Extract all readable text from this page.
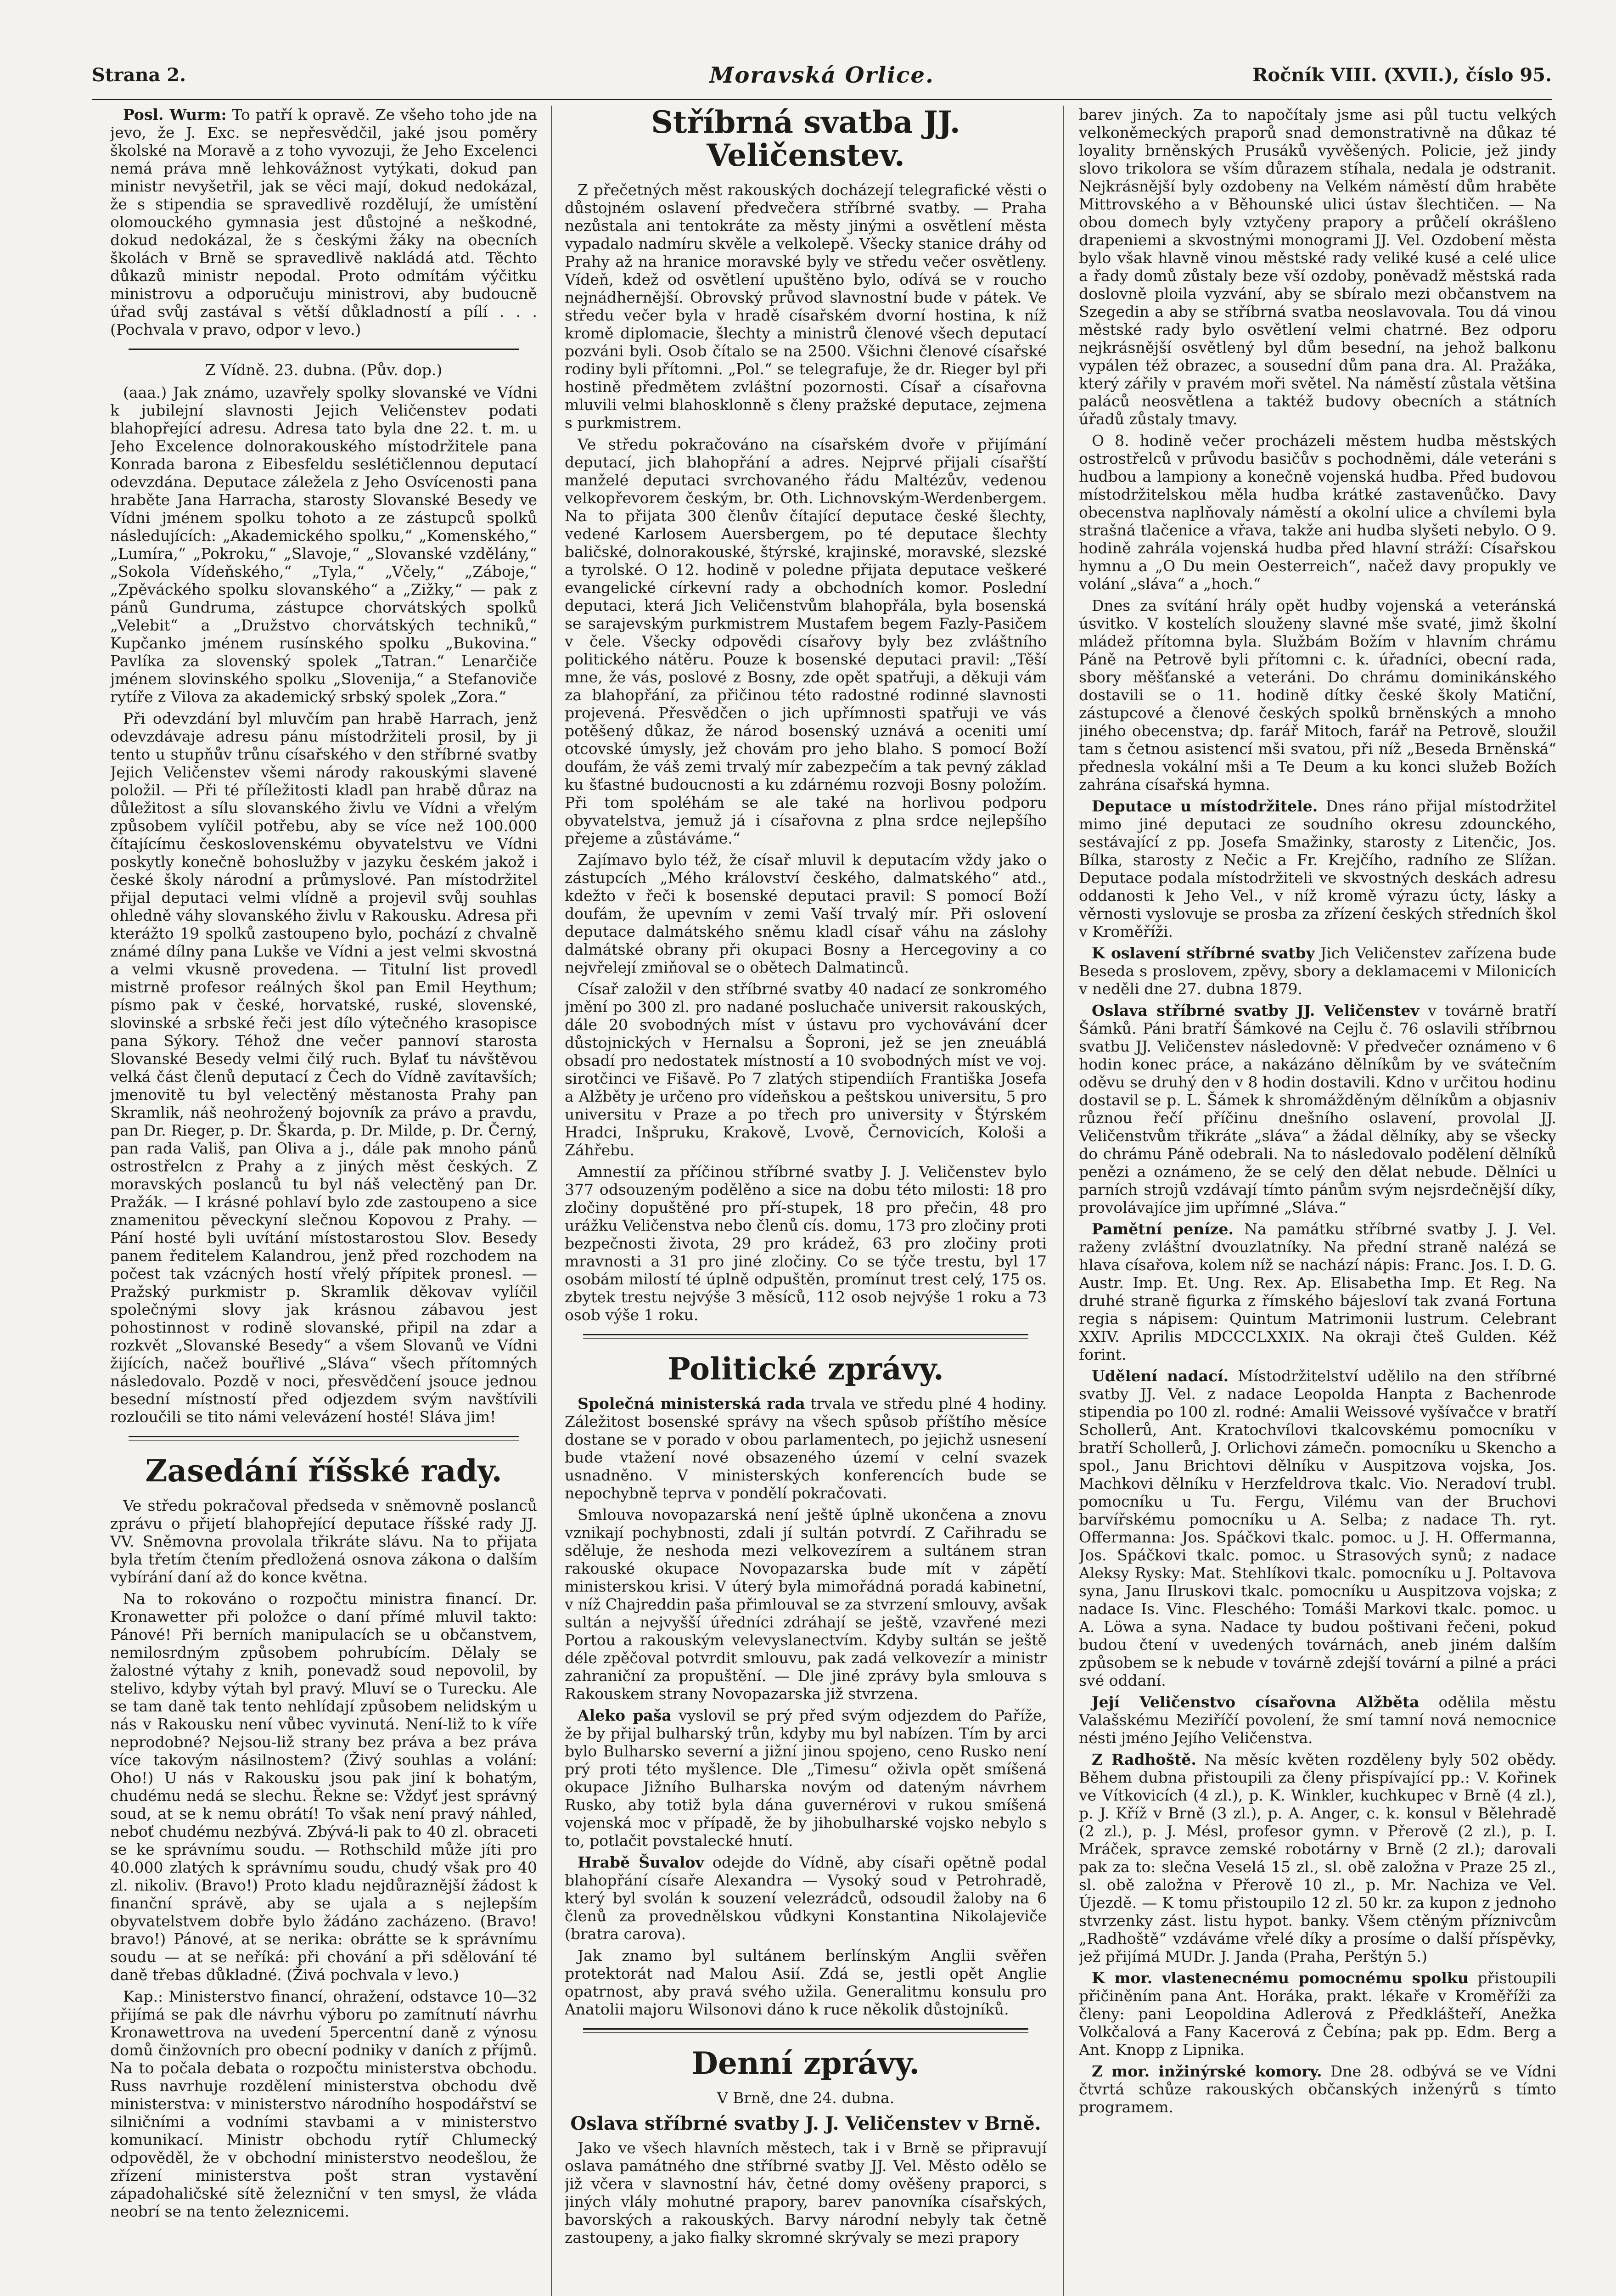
Strana 2.	Moravská Orlice.	Ročník VIII. (XVII.), číslo 95.

Posl. Wurm: To patří k opravě. Ze všeho toho jde na jevo, že J. Exc. se nepřesvědčil, jaké jsou poměry školské na Moravě a z toho vyvozuji, že Jeho Excelenci nemá práva mně lehkovážnost vytýkati, dokud pan ministr nevyšetřil, jak se věci mají, dokud nedokázal, že s stipendia se spravedlivě rozdělují, že umístění olomouckého gymnasia jest důstojné a neškodné, dokud nedokázal, že s českými žáky na obecních školách v Brně se spravedlivě nakládá atd. Těchto důkazů ministr nepodal. Proto odmítám výčitku ministrovu a odporučuju ministrovi, aby budoucně úřad svůj zastával s větší důkladností a pílí . . . (Pochvala v pravo, odpor v levo.)

Z Vídně. 23. dubna. (Pův. dop.)

(aaa.) Jak známo, uzavřely spolky slovanské ve Vídni k jubilejní slavnosti Jejich Veličenstev podati blahopřející adresu. Adresa tato byla dne 22. t. m. u Jeho Excelence dolnorakouského místodržitele pana Konrada barona z Eibesfeldu seslétičlennou deputací odevzdána. Deputace záležela z Jeho Osvícenosti pana hraběte Jana Harracha, starosty Slovanské Besedy ve Vídni jménem spolku tohoto a ze zástupců spolků následujících: „Akademického spolku,“ „Komenského,“ „Lumíra,“ „Pokroku,“ „Slavoje,“ „Slovanské vzdělány,“ „Sokola Vídeňského,“ „Tyla,“ „Včely,“ „Záboje,“ „Zpěváckého spolku slovanského“ a „Zižky,“ — pak z pánů Gundruma, zástupce chorvátských spolků „Velebit“ a „Družstvo chorvátských techniků,“ Kupčanko jménem rusínského spolku „Bukovina.“ Pavlíka za slovenský spolek „Tatran.“ Lenarčiče jménem slovinského spolku „Slovenija,“ a Stefanoviče rytíře z Vilova za akademický srbský spolek „Zora.“

Při odevzdání byl mluvčím pan hrabě Harrach, jenž odevzdávaje adresu pánu místodržiteli prosil, by ji tento u stupňův trůnu císařského v den stříbrné svatby Jejich Veličenstev všemi národy rakouskými slavené položil. — Při té příležitosti kladl pan hrabě důraz na důležitost a sílu slovanského živlu ve Vídni a vřelým způsobem vylíčil potřebu, aby se více než 100.000 čítajícímu československému obyvatelstvu ve Vídni poskytly konečně bohoslužby v jazyku českém jakož i české školy národní a průmyslové. Pan místodržitel přijal deputaci velmi vlídně a projevil svůj souhlas ohledně váhy slovanského živlu v Rakousku. Adresa při kterážto 19 spolků zastoupeno bylo, pochází z chvalně známé dílny pana Lukše ve Vídni a jest velmi skvostná a velmi vkusně provedena. — Titulní list provedl mistrně profesor reálných škol pan Emil Heythum; písmo pak v české, horvatské, ruské, slovenské, slovinské a srbské řeči jest dílo výtečného krasopisce pana Sýkory. Téhož dne večer pannoví starosta Slovanské Besedy velmi čilý ruch. Bylať tu návštěvou velká část členů deputací z Čech do Vídně zavítavších; jmenovitě tu byl velectěný městanosta Prahy pan Skramlik, náš neohrožený bojovník za právo a pravdu, pan Dr. Rieger, p. Dr. Škarda, p. Dr. Milde, p. Dr. Černý, pan rada Vališ, pan Oliva a j., dále pak mnoho pánů ostrostřelcn z Prahy a z jiných měst českých. Z moravských poslanců tu byl náš velectěný pan Dr. Pražák. — I krásné pohlaví bylo zde zastoupeno a sice znamenitou pěveckyní slečnou Kopovou z Prahy. — Pání hosté byli uvítání místostarostou Slov. Besedy panem ředitelem Kalandrou, jenž před rozchodem na počest tak vzácných hostí vřelý přípitek pronesl. — Pražský purkmistr p. Skramlik děkovav vylíčil společnými slovy jak krásnou zábavou jest pohostinnost v rodině slovanské, připil na zdar a rozkvět „Slovanské Besedy“ a všem Slovanů ve Vídni žijících, načež bouřlivé „Sláva“ všech přítomných následovalo. Pozdě v noci, přesvědčení jsouce jednou besední místností před odjezdem svým navštívili rozloučili se tito námi velevázení hosté! Sláva jim!

Zasedání říšské rady.

Ve středu pokračoval předseda v sněmovně poslanců zprávu o přijetí blahopřející deputace říšské rady JJ. VV. Sněmovna provolala třikráte slávu. Na to přijata byla třetím čtením předložená osnova zákona o dalším vybírání daní až do konce května.

Na to rokováno o rozpočtu ministra financí. Dr. Kronawetter při položce o daní přímé mluvil takto: Pánové! Při berních manipulacích se u občanstvem, nemilosrdným způsobem pohrubícím. Dělaly se žalostné výtahy z knih, ponevadž soud nepovolil, by stelivo, kdyby výtah byl pravý. Mluví se o Turecku. Ale se tam daně tak tento nehlídají způsobem nelidským u nás v Rakousku není vůbec vyvinutá. Není-liž to k víře neprodobné? Nejsou-liž strany bez práva a bez práva více takovým násilnostem? (Živý souhlas a volání: Oho!) U nás v Rakousku jsou pak jiní k bohatým, chudému nedá se slechu. Řekne se: Vždyť jest správný soud, at se k nemu obrátí! To však není pravý náhled, neboť chudému nezbývá. Zbývá-li pak to 40 zl. obraceti se ke správnímu soudu. — Rothschild může jíti pro 40.000 zlatých k správnímu soudu, chudý však pro 40 zl. nikoliv. (Bravo!) Proto kladu nejdůraznější žádost k finanční správě, aby se ujala a s nejlepším obyvatelstvem dobře bylo žádáno zacházeno. (Bravo! bravo!) Pánové, at se nerika: obrátte se k správnímu soudu — at se neříká: při chování a při sdělování té daně třebas důkladné. (Živá pochvala v levo.)

Kap.: Ministerstvo financí, ohražení, odstavce 10—32 přijímá se pak dle návrhu výboru po zamítnutí návrhu Kronawettrova na uvedení 5percentní daně z výnosu domů činžovních pro obecní podniky v daních z příjmů. Na to počala debata o rozpočtu ministerstva obchodu. Russ navrhuje rozdělení ministerstva obchodu dvě ministerstva: v ministerstvo národního hospodářství se silničními a vodními stavbami a v ministerstvo komunikací. Ministr obchodu rytíř Chlumecký odpověděl, že v obchodní ministerstvo neodešlou, že zřízení ministerstva pošt stran vystavění západohaličské sítě železniční v ten smysl, že vláda neobrí se na tento železnicemi.

Stříbrná svatba JJ. Veličenstev.

Z přečetných měst rakouských docházejí telegrafické věsti o důstojném oslavení předvečera stříbrné svatby. — Praha nezůstala ani tentokráte za městy jinými a osvětlení města vypadalo nadmíru skvěle a velkolepě. Všecky stanice dráhy od Prahy až na hranice moravské byly ve středu večer osvětleny. Vídeň, kdež od osvětlení upuštěno bylo, odívá se v roucho nejnádhernější. Obrovský průvod slavnostní bude v pátek. Ve středu večer byla v hradě císařském dvorní hostina, k níž kromě diplomacie, šlechty a ministrů členové všech deputací pozváni byli. Osob čítalo se na 2500. Všichni členové císařské rodiny byli přítomni. „Pol.“ se telegrafuje, že dr. Rieger byl při hostině předmětem zvláštní pozornosti. Císař a císařovna mluvili velmi blahosklonně s členy pražské deputace, zejmena s purkmistrem.

Ve středu pokračováno na císařském dvoře v přijímání deputací, jich blahopřání a adres. Nejprvé přijali císařští manželé deputaci svrchovaného řádu Maltézův, vedenou velkopřevorem českým, br. Oth. Lichnovským-Werdenbergem. Na to přijata 300 členův čítající deputace české šlechty, vedené Karlosem Auersbergem, po té deputace šlechty baličské, dolnorakouské, štýrské, krajinské, moravské, slezské a tyrolské. O 12. hodině v poledne přijata deputace veškeré evangelické církevní rady a obchodních komor. Poslední deputaci, která Jich Veličenstvům blahopřála, byla bosenská se sarajevským purkmistrem Mustafem begem Fazly-Pasičem v čele. Všecky odpovědi císařovy byly bez zvláštního politického nátěru. Pouze k bosenské deputaci pravil: „Těší mne, že vás, poslové z Bosny, zde opět spatřuji, a děkuji vám za blahopřání, za přičinou této radostné rodinné slavnosti projevená. Přesvědčen o jich upřímnosti spatřuji ve vás potěšený důkaz, že národ bosenský uznává a oceniti umí otcovské úmysly, jež chovám pro jeho blaho. S pomocí Boží doufám, že váš zemi trvalý mír zabezpečím a tak pevný základ ku šťastné budoucnosti a ku zdárnému rozvoji Bosny položím. Při tom spoléhám se ale také na horlivou podporu obyvatelstva, jemuž já i císařovna z plna srdce nejlepšího přejeme a zůstáváme.“

Zajímavo bylo též, že císař mluvil k deputacím vždy jako o zástupcích „Mého království českého, dalmatského“ atd., kdežto v řeči k bosenské deputaci pravil: S pomocí Boží doufám, že upevním v zemi Vaší trvalý mír. Při oslovení deputace dalmátského sněmu kladl císař váhu na záslohy dalmátské obrany při okupaci Bosny a Hercegoviny a co nejvřelejí zmiňoval se o obětech Dalmatinců.

Císař založil v den stříbrné svatby 40 nadací ze sonkromého jmění po 300 zl. pro nadané posluchače universit rakouských, dále 20 svobodných míst v ústavu pro vychovávání dcer důstojnických v Hernalsu a Šoproni, jež se jen zneuáblá obsadí pro nedostatek místností a 10 svobodných míst ve voj. sirotčinci ve Fišavě. Po 7 zlatých stipendiích Františka Josefa a Alžběty je určeno pro vídeňskou a peštskou universitu, 5 pro universitu v Praze a po třech pro university v Štýrském Hradci, Inšpruku, Krakově, Lvově, Černovicích, Kološi a Záhřebu.

Amnestií za příčinou stříbrné svatby J. J. Veličenstev bylo 377 odsouzeným podělěno a sice na dobu této milosti: 18 pro zločiny dopuštěné pro pří-stupek, 18 pro přečin, 48 pro urážku Veličenstva nebo členů cís. domu, 173 pro zločiny proti bezpečnosti života, 29 pro krádež, 63 pro zločiny proti mravnosti a 31 pro jiné zločiny. Co se týče trestu, byl 17 osobám milostí té úplně odpuštěn, promínut trest celý, 175 os. zbytek trestu nejvýše 3 měsíců, 112 osob nejvýše 1 roku a 73 osob výše 1 roku.

Politické zprávy.

Společná ministerská rada trvala ve středu plné 4 hodiny. Záležitost bosenské správy na všech spůsob příštího měsíce dostane se v porado v obou parlamentech, po jejichž usnesení bude vtažení nové obsazeného území v celní svazek usnadněno. V ministerských konferencích bude se nepochybně teprva v pondělí pokračovati.

Smlouva novopazarská není ještě úplně ukončena a znovu vznikají pochybnosti, zdali jí sultán potvrdí. Z Cařihradu se sděluje, že neshoda mezi velkovezírem a sultánem stran rakouské okupace Novopazarska bude mít v zápětí ministerskou krisi. V úterý byla mimořádná poradá kabinetní, v níž Chajreddin paša přimlouval se za stvrzení smlouvy, avšak sultán a nejvyšší úředníci zdráhají se ještě, vzavřené mezi Portou a rakouským velevyslanectvím. Kdyby sultán se ještě déle zpěčoval potvrdit smlouvu, pak zadá velkovezír a ministr zahraniční za propuštění. — Dle jiné zprávy byla smlouva s Rakouskem strany Novopazarska již stvrzena.

Aleko paša vyslovil se prý před svým odjezdem do Paříže, že by přijal bulharský trůn, kdyby mu byl nabízen. Tím by arci bylo Bulharsko severní a jižní jinou spojeno, ceno Rusko není prý proti této myšlence. Dle „Timesu“ oživla opět smíšená okupace Jižního Bulharska novým od dateným návrhem Rusko, aby totiž byla dána guvernérovi v rukou smíšená vojenská moc v případě, že by jihobulharské vojsko nebylo s to, potlačit povstalecké hnutí.

Hrabě Šuvalov odejde do Vídně, aby císaři opětně podal blahopřání císaře Alexandra — Vysoký soud v Petrohradě, který byl svolán k souzení velezrádců, odsoudil žaloby na 6 členů za provednělskou vůdkyni Konstantina Nikolajeviče (bratra carova).

Jak znamo byl sultánem berlínským Anglii svěřen protektorát nad Malou Asií. Zdá se, jestli opět Anglie opatrnost, aby pravá svého užila. Generalitmu konsulu pro Anatolii majoru Wilsonovi dáno k ruce několik důstojníků.

Denní zprávy.
V Brně, dne 24. dubna.
Oslava stříbrné svatby J. J. Veličenstev v Brně.

Jako ve všech hlavních městech, tak i v Brně se připravují oslava památného dne stříbrné svatby JJ. Vel. Město odělo se již včera v slavnostní háv, četné domy ověšeny praporci, s jiných vlály mohutné prapory, barev panovníka císařských, bavorských a rakouských. Barvy národní nebyly tak četně zastoupeny, a jako fialky skromné skrývaly se mezi prapory

barev jiných. Za to napočítaly jsme asi půl tuctu velkých velkoněmeckých praporů snad demonstrativně na důkaz té loyality brněnských Prusáků vyvěšených. Policie, jež jindy slovo trikolora se vším důrazem stíhala, nedala je odstranit. Nejkrásnější byly ozdobeny na Velkém náměstí dům hraběte Mittrovského a v Běhounské ulici ústav šlechtičen. — Na obou domech byly vztyčeny prapory a průčelí okrášleno drapeniemi a skvostnými monogrami JJ. Vel. Ozdobení města bylo však hlavně vinou městské rady veliké kusé a celé ulice a řady domů zůstaly beze vší ozdoby, poněvadž městská rada doslovně ploila vyzvání, aby se sbíralo mezi občanstvem na Szegedin a aby se stříbrná svatba neoslavovala. Tou dá vinou městské rady bylo osvětlení velmi chatrné. Bez odporu nejkrásnější osvětlený byl dům besední, na jehož balkonu vypálen též obrazec, a sousední dům pana dra. Al. Pražáka, který zářily v pravém moři světel. Na náměstí zůstala většina paláců neosvětlena a taktéž budovy obecních a státních úřadů zůstaly tmavy.

O 8. hodině večer procházeli městem hudba městských ostrostřelců v průvodu basičův s pochodněmi, dále veteráni s hudbou a lampiony a konečně vojenská hudba. Před budovou místodržitelskou měla hudba krátké zastavenůčko. Davy obecenstva naplňovaly náměstí a okolní ulice a chvílemi byla strašná tlačenice a vřava, takže ani hudba slyšeti nebylo. O 9. hodině zahrála vojenská hudba před hlavní stráží: Císařskou hymnu a „O Du mein Oesterreich“, načež davy propukly ve volání „sláva“ a „hoch.“

Dnes za svítání hrály opět hudby vojenská a veteránská úsvitko. V kostelích slouženy slavné mše svaté, jimž školní mládež přítomna byla. Službám Božím v hlavním chrámu Páně na Petrově byli přítomni c. k. úřadníci, obecní rada, sbory měšťanské a veteráni. Do chrámu dominikánského dostavili se o 11. hodině dítky české školy Matiční, zástupcové a členové českých spolků brněnských a mnoho jiného obecenstva; dp. farář Mitoch, farář na Petrově, sloužil tam s četnou asistencí mši svatou, při níž „Beseda Brněnská“ přednesla vokální mši a Te Deum a ku konci služeb Božích zahrána císařská hymna.

Deputace u místodržitele. Dnes ráno přijal místodržitel mimo jiné deputaci ze soudního okresu zdounckého, sestávající z pp. Josefa Smažinky, starosty z Litenčic, Jos. Bílka, starosty z Nečic a Fr. Krejčího, radního ze Slížan. Deputace podala místodržiteli ve skvostných deskách adresu oddanosti k Jeho Vel., v níž kromě výrazu úcty, lásky a věrnosti vyslovuje se prosba za zřízení českých středních škol v Kroměříži.

K oslavení stříbrné svatby Jich Veličenstev zařízena bude Beseda s proslovem, zpěvy, sbory a deklamacemi v Milonicích v neděli dne 27. dubna 1879.

Oslava stříbrné svatby JJ. Veličenstev v továrně bratří Šámků. Páni bratří Šámkové na Cejlu č. 76 oslavili stříbrnou svatbu JJ. Veličenstev následovně: V předvečer oznámeno v 6 hodin konec práce, a nakázáno dělníkům by ve svátečním oděvu se druhý den v 8 hodin dostavili. Kdno v určitou hodinu dostavil se p. L. Šámek k shromážděným dělníkům a objasniv různou řečí příčinu dnešního oslavení, provolal JJ. Veličenstvům třikráte „sláva“ a žádal dělníky, aby se všecky do chrámu Páně odebrali. Na to následovalo podělení dělníků penězi a oznámeno, že se celý den dělat nebude. Dělníci u parních strojů vzdávají tímto pánům svým nejsrdečnější díky, provolávajíce jim upřímné „Sláva.“

Pamětní peníze. Na památku stříbrné svatby J. J. Vel. raženy zvláštní dvouzlatníky. Na přední straně nalézá se hlava císařova, kolem níž se nachází nápis: Franc. Jos. I. D. G. Austr. Imp. Et. Ung. Rex. Ap. Elisabetha Imp. Et Reg. Na druhé straně figurka z římského bájesloví tak zvaná Fortuna regia s nápisem: Quintum Matrimonii lustrum. Celebrant XXIV. Aprilis MDCCCLXXIX. Na okraji čteš Gulden. Kéž forint.

Udělení nadací. Místodržitelství udělilo na den stříbrné svatby JJ. Vel. z nadace Leopolda Hanpta z Bachenrode stipendia po 100 zl. rodné: Amalii Weissové vyšívačce v bratří Schollerů, Ant. Kratochvílovi tkalcovskému pomocníku v bratří Schollerů, J. Orlichovi zámečn. pomocníku u Skencho a spol., Janu Brichtovi dělníku v Auspitzova vojska, Jos. Machkovi dělníku v Herzfeldrova tkalc. Vio. Neradoví trubl. pomocníku u Tu. Fergu, Vilému van der Bruchovi barvířskému pomocníku u A. Selba; z nadace Th. ryt. Offermanna: Jos. Spáčkovi tkalc. pomoc. u J. H. Offermanna, Jos. Spáčkovi tkalc. pomoc. u Strasových synů; z nadace Aleksy Rysky: Mat. Stehlíkovi tkalc. pomocníku u J. Poltavova syna, Janu Ilruskovi tkalc. pomocníku u Auspitzova vojska; z nadace Is. Vinc. Fleschého: Tomáši Markovi tkalc. pomoc. u A. Löwa a syna. Nadace ty budou poštivani řečeni, pokud budou čtení v uvedených továrnách, aneb jiném dalším způsobem se k nebude v továrně zdejší tovární a pilné a práci své oddaní.

Její Veličenstvo císařovna Alžběta odělila městu Valašskému Meziříčí povolení, že smí tamní nová nemocnice nésti jméno Jejího Veličenstva.

Z Radhoště. Na měsíc květen rozděleny byly 502 obědy. Během dubna přistoupili za členy přispívající pp.: V. Kořinek ve Vítkovicích (4 zl.), p. K. Winkler, kuchkupec v Brně (4 zl.), p. J. Kříž v Brně (3 zl.), p. A. Anger, c. k. konsul v Bělehradě (2 zl.), p. J. Mésl, profesor gymn. v Přerově (2 zl.), p. I. Mráček, spravce zemské robotárny v Brně (2 zl.); darovali pak za to: slečna Veselá 15 zl., sl. obě založna v Praze 25 zl., sl. obě založna v Přerově 10 zl., p. Mr. Nachiza ve Vel. Újezdě. — K tomu přistoupilo 12 zl. 50 kr. za kupon z jednoho stvrzenky zást. listu hypot. banky. Všem ctěným příznivcům „Radhoště“ vzdáváme vřelé díky a prosíme o další příspěvky, jež přijímá MUDr. J. Janda (Praha, Perštýn 5.)

K mor. vlastenecnému pomocnému spolku přistoupili přičiněním pana Ant. Horáka, prakt. lékaře v Kroměříži za členy: pani Leopoldina Adlerová z Předklášteří, Anežka Volkčalová a Fany Kacerová z Čebína; pak pp. Edm. Berg a Ant. Knopp z Lipnika.

Z mor. inžinýrské komory. Dne 28. odbývá se ve Vídni čtvrtá schůze rakouských občanských inženýrů s tímto programem.
